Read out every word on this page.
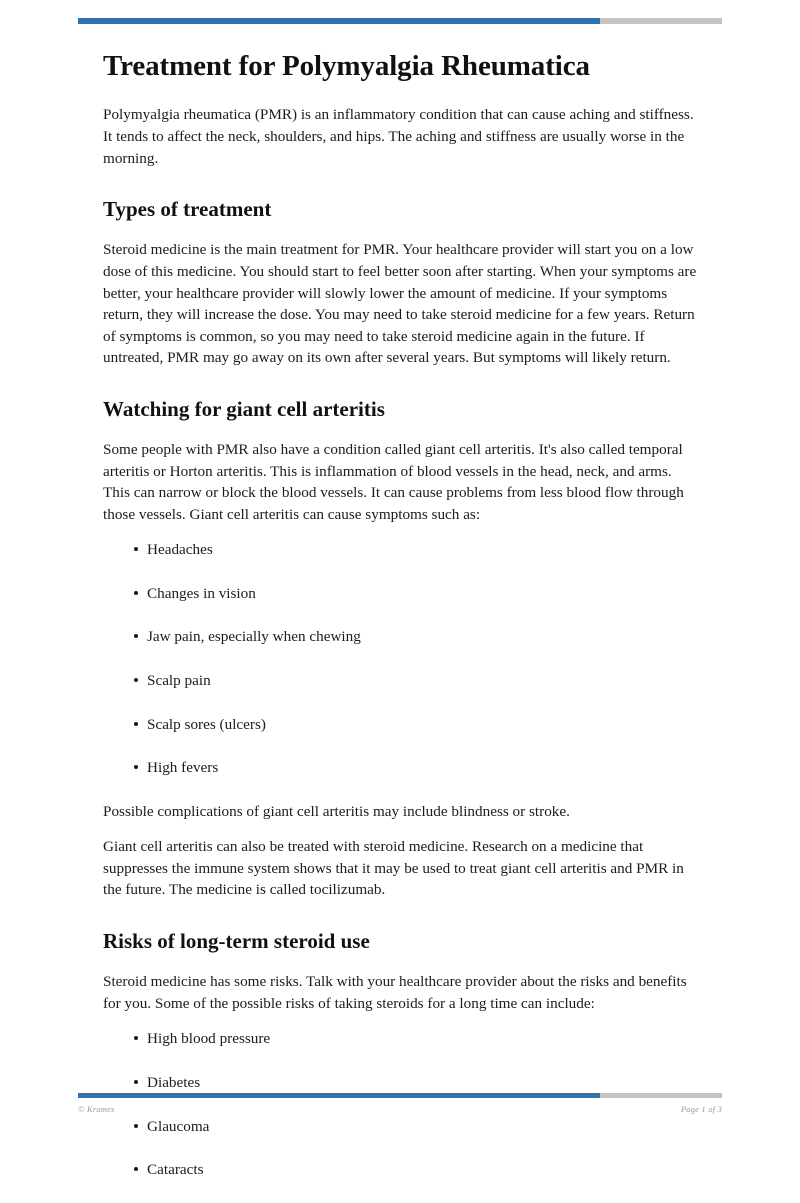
Treatment for Polymyalgia Rheumatica

Polymyalgia rheumatica (PMR) is an inflammatory condition that can cause aching and stiffness. It tends to affect the neck, shoulders, and hips. The aching and stiffness are usually worse in the morning.

Types of treatment

Steroid medicine is the main treatment for PMR. Your healthcare provider will start you on a low dose of this medicine. You should start to feel better soon after starting. When your symptoms are better, your healthcare provider will slowly lower the amount of medicine. If your symptoms return, they will increase the dose. You may need to take steroid medicine for a few years. Return of symptoms is common, so you may need to take steroid medicine again in the future. If untreated, PMR may go away on its own after several years. But symptoms will likely return.

Watching for giant cell arteritis

Some people with PMR also have a condition called giant cell arteritis. It's also called temporal arteritis or Horton arteritis. This is inflammation of blood vessels in the head, neck, and arms. This can narrow or block the blood vessels. It can cause problems from less blood flow through those vessels. Giant cell arteritis can cause symptoms such as:

Headaches
Changes in vision
Jaw pain, especially when chewing
Scalp pain
Scalp sores (ulcers)
High fevers

Possible complications of giant cell arteritis may include blindness or stroke.

Giant cell arteritis can also be treated with steroid medicine. Research on a medicine that suppresses the immune system shows that it may be used to treat giant cell arteritis and PMR in the future. The medicine is called tocilizumab.

Risks of long-term steroid use

Steroid medicine has some risks. Talk with your healthcare provider about the risks and benefits for you. Some of the possible risks of taking steroids for a long time can include:

High blood pressure
Diabetes
Glaucoma
Cataracts
© Krames	Page 1 of 3
